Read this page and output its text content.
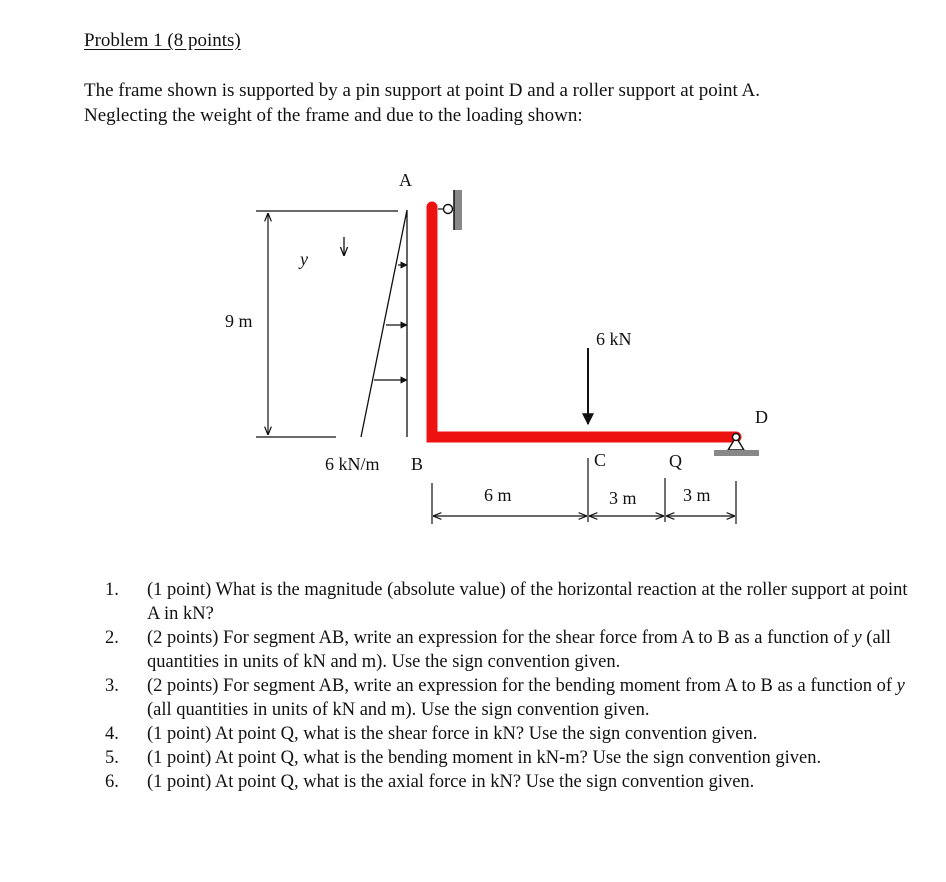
Problem 1 (8 points)
The frame shown is supported by a pin support at point D and a roller support at point A.
Neglecting the weight of the frame and due to the loading shown:
9 m
y
A
B	C	Q
D
6 kN/m
6 kN
6 m	3 m	3 m
1. (1 point) What is the magnitude (absolute value) of the horizontal reaction at the roller support at point A in kN?
2. (2 points) For segment AB, write an expression for the shear force from A to B as a function of y (all quantities in units of kN and m). Use the sign convention given.
3. (2 points) For segment AB, write an expression for the bending moment from A to B as a function of y (all quantities in units of kN and m). Use the sign convention given.
4. (1 point) At point Q, what is the shear force in kN? Use the sign convention given.
5. (1 point) At point Q, what is the bending moment in kN-m? Use the sign convention given.
6. (1 point) At point Q, what is the axial force in kN? Use the sign convention given.
